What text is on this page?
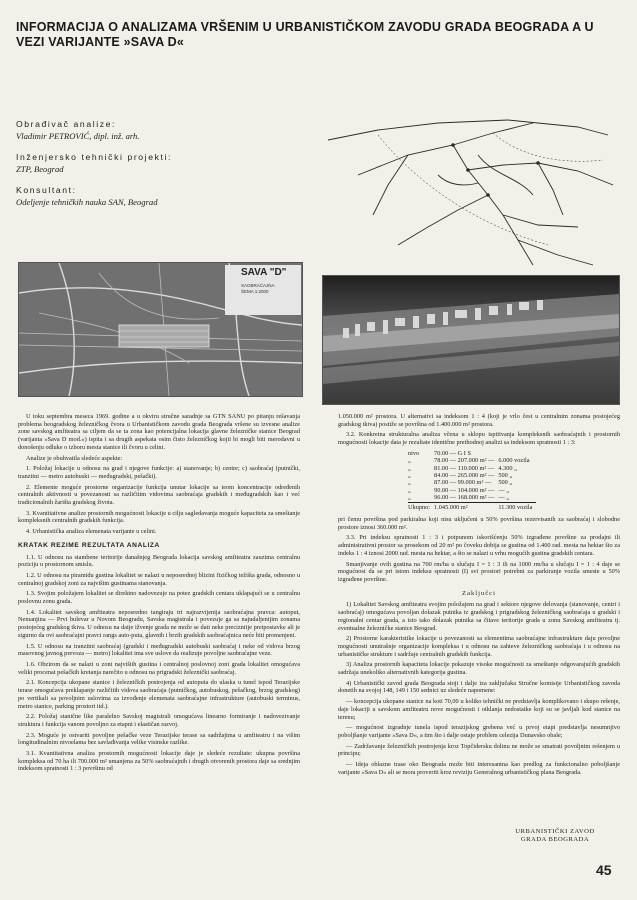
INFORMACIJA O ANALIZAMA VRŠENIM U URBANISTIČKOM ZAVODU GRADA BEOGRADA A U VEZI VARIJANTE »SAVA D«

Obrađivač analize:

Vladimir PETROVIĆ, dipl. inž. arh.

Inženjersko tehnički projekti:

ZTP, Beograd

Konsultant:

Odeljenje tehničkih nauka SAN, Beograd

SAVA "D"
SAOBRAĆAJNA
ŠEMA 1:2000

U toku septembra meseca 1969. godine a u okviru stručne saradnje sa GTN SANU po pitanju rešavanja problema beogradskog železničkog čvora u Urbanističkom zavodu grada Beograda vršene su izvesne analize zone savskog amfiteatra sa ciljem da se ta zona kao potencijalna lokacija glavne železničke stanice Beograd (varijanta »Sava D mod.«) ispita i sa drugih aspekata osim čisto železničkog kojii bi mogli biti merodavni u donošenju odluke o izboru mesta stanice ili čvoru u celini.

Analize je obuhvatila sledeće aspekte:

1. Položaj lokacije u odnosu na grad i njegove funkcije: a) stanovanje; b) centre; c) saobraćaj (putnički, tranzitni — metro autobuski — međugradski, pešački).

2. Elemente moguće prostorne organizacije funkcija unutar lokacije sa teom koncentracije određenih centralnih aktivnosti u povezanosti sa različitim vidovima saobraćaja gradskih i međugradskih kao i već tradicionalnih žarišta gradskog života.

3. Kvantitativne analize prostornih mogućnosti lokacije u cilju sagledavanja moguće kapaciteta za smeštanje kompleksnih centralnih gradskih funkcija.

4. Urbanistička analiza elemenata varijante u celini.

KRATAK REZIME REZULTATA ANALIZA

1.1. U odnosu na stambene teritorije današnjeg Beograda lokacija savskog amfiteatra zauzima centralnu poziciju u prostornom smislu.

1.2. U odnosu na piramidu gustina lokalitet se nalazi u neposrednoj blizini fizičkog težišta grada, odnosno u centralnoj gradskoj zoni za najvišim gustinama stanovanja.

1.3. Svojim položajem lokalitet se direktno nadovezuje na potez gradskih centara uklapajući se u centralnu poslovnu zonu grada.

1.4. Lokalitet savskog amfiteatra neposredno tangiraju tri najrazvijenija saobraćajna pravca: autoput, Nemanjina — Prvi bulevar u Novom Beogradu, Savska magistrala i povezuje ga sa najudaljenijim zonama postojećeg gradskog tkiva. U odnosu na daije ižvenje grada ne može se dati neke precizniije pretpostavke ali je sigurno da ovi saobraćajni pravci rangs auto-puta, glavnih i brzih gradskih saobraćajnica neće biti promenjeni.

1.5. U odnosu na tranzitni saobraćaj (gradski i međugradski autobuski saobraćaj i neke od vidova brzog masovnog javnog prevoza — metro) lokalitet ima sve uslove da realizuje povoljne saobraćajne veze.

1.6. Obzirom da se nalazi u zoni najvišiih gustina i centralnoj poslovnoj zoni grada lokalitet omogućava veliki procenat pešačkih kretanja narečito u odnosu na prigradski železnički saobraćaj.

2.1. Koncepcija ukopane stanice i železničkih postrojenja od autoputa do ulaska u tunel ispod Terazijske terase omogućava preklapanje različitih vidova saobraćaja (putničkog, autobuskog, pešačkog, brzog gradskog) po vertikali sa povoljnim uslovima za izvođenje elemenata saobraćajne infrastrukture (autobuski terminus, metro stanice, parking prostori itd.).

2.2. Položaj stanične like paralelno Savskoj magistrali omogućava linearno formiranje i nadovezivanje struktura i funkcija vanom povoljno za etapni i elastičan razvoj.

2.3. Moguće je ostvariti povoljne pešačke veze Terazijske terase sa sadržajima u amfiteatru i na višim longitudinalnim nivoelama bez savlađivanja velike visinske razlike.

3.1. Kvantitativna analiza prostornih mogućnosti lokacije daje je sledeće rezultate: ukupna površina kompleksa od 70 ha ili 700.000 m² umanjena za 50% saobraćajnih i drugih otvorenih prostora daje sa srednjim indeksom spratnosti 1 : 3 površinu od

1.050.000 m² prostora. U alternativi sa indeksom 1 : 4 (koji je vrlo čest u centralnim zonama postojećeg gradskog tkiva) postiže se površina od 1.400.000 m² prostora.

3.2. Konkretna strukturalna analiza včena u sklopu ispitivanja kompleksnih saobraćajnih i prostornih mogućnosti lokacije data je rezultate identične prethodnoj analizi sa indeksom spratnosti 1 : 3:

nivo	70.00 — G I S	
„	78.00 — 207.000 m² —	6.000 vozila
„	81.00 — 110.000 m² —	4.300 „
„	84.00 — 265.000 m² —	500 „
„	87.00 — 99.000 m² —	500 „
„	90.00 — 104.000 m² —	— „
„	96.00 — 168.000 m² —	— „
Ukupno:	1.045.000 m²	11.300 vozila

pri čemu površina pod parkiralna koji nisu uključeni u 50% površina rezervisanih za saobraćaj i slobodne prostore iznosi 360.000 m².

3.3. Pri indeksu spratnosti 1 : 3 i potpunom iskorišćenju 50% izgrađene površine za prodajni ili administrativni prostor sa prosekom od 20 m² po čoveku dobija se gustina od 1.400 rad. mesta na hektar što za indeks 1 : 4 iznosi 2000 rad. mesta na hektar, a što se nalazi u vrhu mogućih gustina gradskih centara.

Smanjivanje ovih gustina na 700 rm/ha u slučaju I = 1 : 3 ili na 1000 rm/ha u slučaju I = 1 : 4 daje se mogućnost da se pri istom indeksu spratnosti (I) svi prostori potrebni za parkiranje vozila smeste u 50% izgrađene površine.

Zaključci

1) Lokalitet Savskog amfiteatra svojim položajem na grad i sektore njegove delovanja (stanovanje, centri i saobraćaj) omogućava povoljan dolazak putnika iz gradskog i prigradskog železničkog saobraćaja u gradski i regionalni centar grada, a isto tako dolazak putnika sa čitave teritorije grada u zonu Savskog amfiteatra tj. eventualne železničke stanice Beograd.

2) Prostorne karakteristike lokacije u povezanosti sa elementima saobraćajne infrastrukture daju povoljne mogućnosti unutrašnje organizacije kompleksa i u odnosu na zahteve železničkog saobraćaja i u odnosu na urbanističke strukture i sadržaje centralnih gradskih funkcija.

3) Analiza prostornih kapaciteta lokacije pokazuje visoke mogućnosti za smeštanje odgovarajućih gradskih sadržaja unekoliko alternativnih kategorija gustina.

4) Urbanistički zavod grada Beograda stoji i dalje iza zaključaka Stručne komisije Urbanističkog zavoda donetih na svojoj 148, 149 i 150 sednici uz sledeće napomene:

— koncepcija ukopane stanice na koti 70,00 u koliko tehnički ne predstavlja komplikovano i skupo rešenje, daje lokaciji u savskom amfiteatru nove mogućnosti i otklanja nedostatke koji su se javljali kod stanice na terenu;

— mogućnost izgradnje tunela ispod terazijskog grebena već u prvoj etapi predstavlja nesumnjivo poboljšanje varijante »Sava D«, a tim što i dalje ostaje problem celezija Dunavsko obale;

— Zadržavanje železničkih postrojenja kroz Topčidersku dolinu ne može se smatrati povoljnim rešenjem u principu;

— Ideja oblaznе trase oko Beograda može biti interesantna kao predlog za funkcionalno poboljšanje varijante »Sava D« ali se mora proveriti kroz reviziju Generalnog urbanističkog plana Beograda.

URBANISTIČKI ZAVOD
GRADA BEOGRADA
45
